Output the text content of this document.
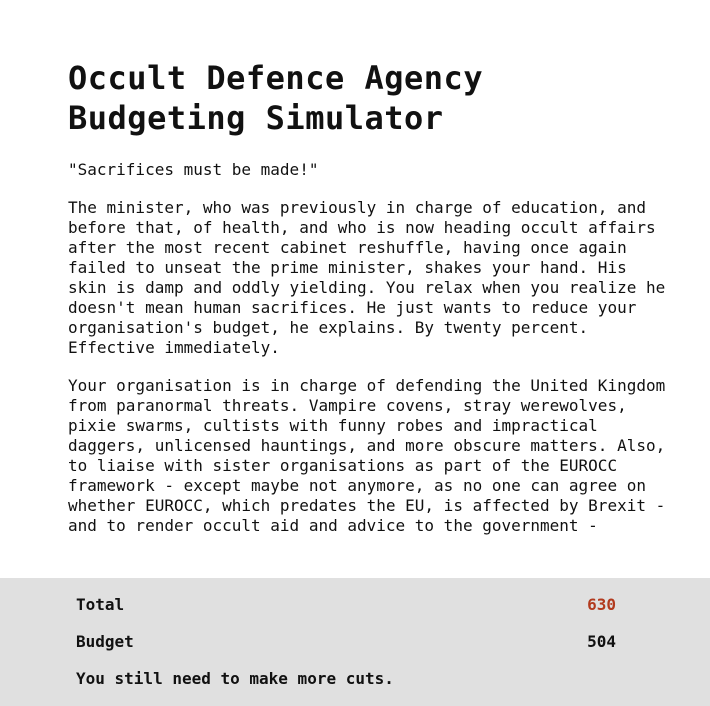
Occult Defence Agency
Budgeting Simulator
"Sacrifices must be made!"

The minister, who was previously in charge of education, and before that, of health, and who is now heading occult affairs after the most recent cabinet reshuffle, having once again failed to unseat the prime minister, shakes your hand. His skin is damp and oddly yielding. You relax when you realize he doesn't mean human sacrifices. He just wants to reduce your organisation's budget, he explains. By twenty percent. Effective immediately.

Your organisation is in charge of defending the United Kingdom from paranormal threats. Vampire covens, stray werewolves, pixie swarms, cultists with funny robes and impractical daggers, unlicensed hauntings, and more obscure matters. Also, to liaise with sister organisations as part of the EUROCC framework - except maybe not anymore, as no one can agree on whether EUROCC, which predates the EU, is affected by Brexit - and to render occult aid and advice to the government -

Total	630
Budget	504
You still need to make more cuts.
